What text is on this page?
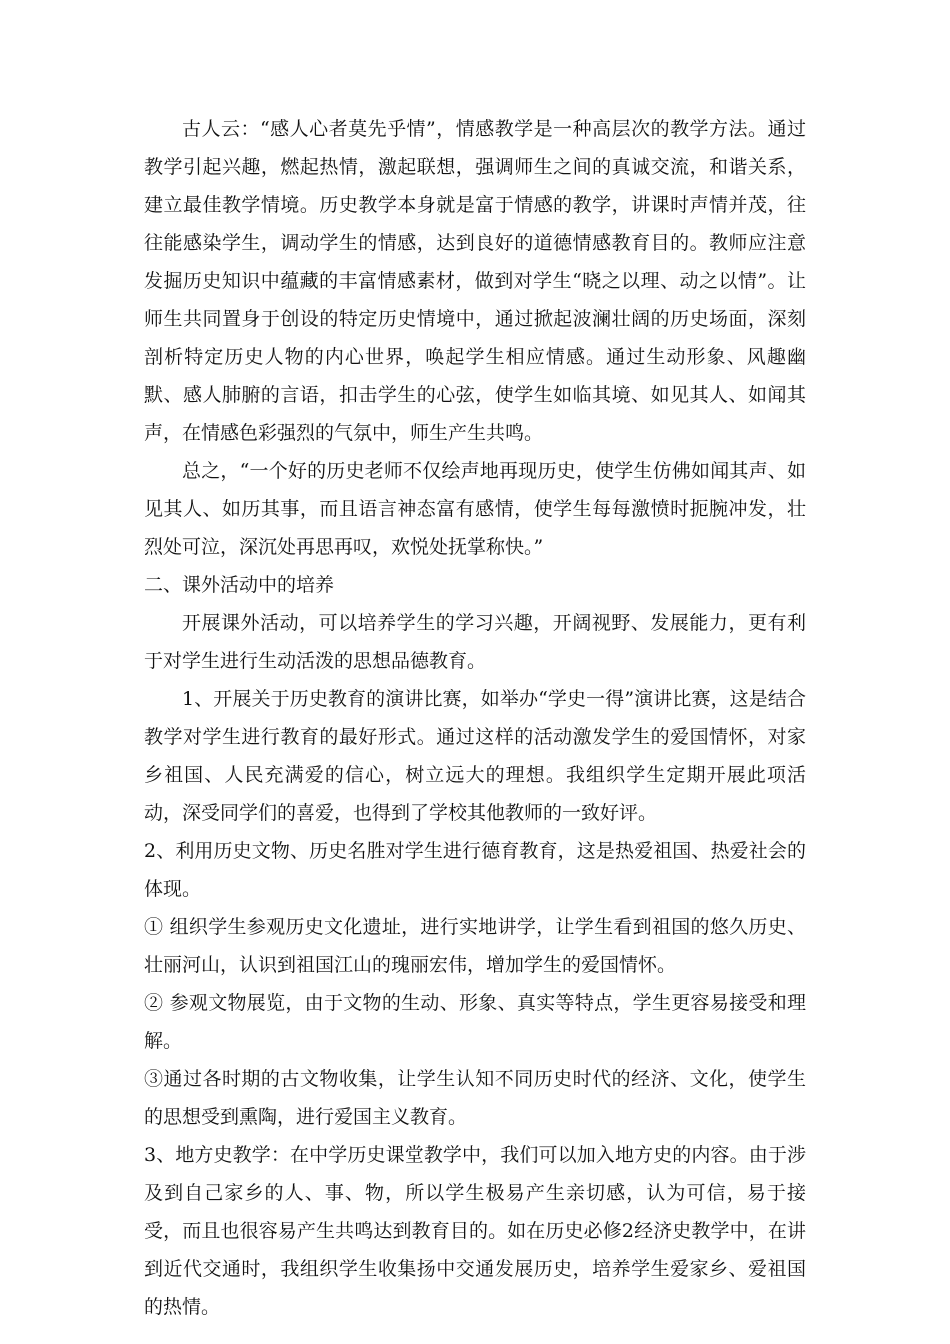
古人云：“感人心者莫先乎情”，情感教学是一种高层次的教学方法。通过教学引起兴趣，燃起热情，激起联想，强调师生之间的真诚交流，和谐关系，建立最佳教学情境。历史教学本身就是富于情感的教学，讲课时声情并茂，往往能感染学生，调动学生的情感，达到良好的道德情感教育目的。教师应注意发掘历史知识中蕴藏的丰富情感素材，做到对学生“晓之以理、动之以情”。让师生共同置身于创设的特定历史情境中，通过掀起波澜壮阔的历史场面，深刻剖析特定历史人物的内心世界，唤起学生相应情感。通过生动形象、风趣幽默、感人肺腑的言语，扣击学生的心弦，使学生如临其境、如见其人、如闻其声，在情感色彩强烈的气氛中，师生产生共鸣。

总之，“一个好的历史老师不仅绘声地再现历史，使学生仿佛如闻其声、如见其人、如历其事，而且语言神态富有感情，使学生每每激愤时扼腕冲发，壮烈处可泣，深沉处再思再叹，欢悦处抚掌称快。”

二、课外活动中的培养

开展课外活动，可以培养学生的学习兴趣，开阔视野、发展能力，更有利于对学生进行生动活泼的思想品德教育。

1、开展关于历史教育的演讲比赛，如举办“学史一得”演讲比赛，这是结合教学对学生进行教育的最好形式。通过这样的活动激发学生的爱国情怀，对家乡祖国、人民充满爱的信心，树立远大的理想。我组织学生定期开展此项活动，深受同学们的喜爱，也得到了学校其他教师的一致好评。

2、利用历史文物、历史名胜对学生进行德育教育，这是热爱祖国、热爱社会的体现。

① 组织学生参观历史文化遗址，进行实地讲学，让学生看到祖国的悠久历史、壮丽河山，认识到祖国江山的瑰丽宏伟，增加学生的爱国情怀。

② 参观文物展览，由于文物的生动、形象、真实等特点，学生更容易接受和理解。

③通过各时期的古文物收集，让学生认知不同历史时代的经济、文化，使学生的思想受到熏陶，进行爱国主义教育。

3、地方史教学：在中学历史课堂教学中，我们可以加入地方史的内容。由于涉及到自己家乡的人、事、物，所以学生极易产生亲切感，认为可信，易于接受，而且也很容易产生共鸣达到教育目的。如在历史必修2经济史教学中，在讲到近代交通时，我组织学生收集扬中交通发展历史，培养学生爱家乡、爱祖国的热情。
